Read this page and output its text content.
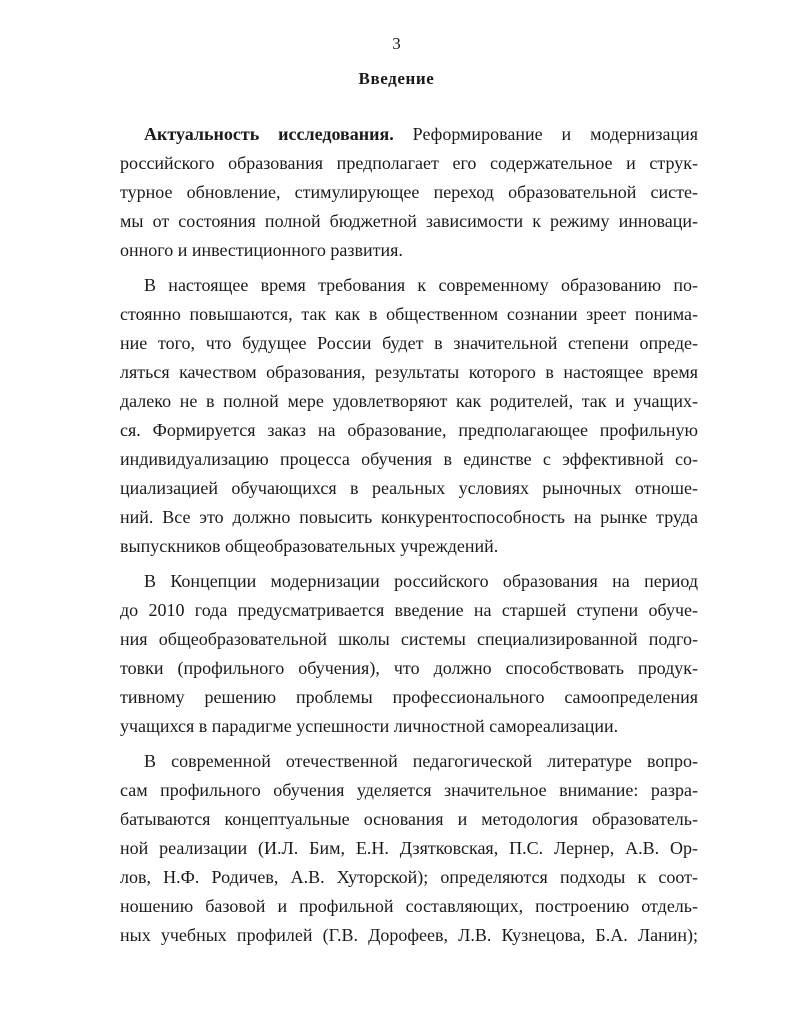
3
Введение
Актуальность исследования. Реформирование и модернизация
российского образования предполагает его содержательное и струк-
турное обновление, стимулирующее переход образовательной систе-
мы от состояния полной бюджетной зависимости к режиму инноваци-
онного и инвестиционного развития.
В настоящее время требования к современному образованию по-
стоянно повышаются, так как в общественном сознании зреет понима-
ние того, что будущее России будет в значительной степени опреде-
ляться качеством образования, результаты которого в настоящее время
далеко не в полной мере удовлетворяют как родителей, так и учащих-
ся. Формируется заказ на образование, предполагающее профильную
индивидуализацию процесса обучения в единстве с эффективной со-
циализацией обучающихся в реальных условиях рыночных отноше-
ний. Все это должно повысить конкурентоспособность на рынке труда
выпускников общеобразовательных учреждений.
В Концепции модернизации российского образования на период
до 2010 года предусматривается введение на старшей ступени обуче-
ния общеобразовательной школы системы специализированной подго-
товки (профильного обучения), что должно способствовать продук-
тивному решению проблемы профессионального самоопределения
учащихся в парадигме успешности личностной самореализации.
В современной отечественной педагогической литературе вопро-
сам профильного обучения уделяется значительное внимание: разра-
батываются концептуальные основания и методология образователь-
ной реализации (И.Л. Бим, Е.Н. Дзятковская, П.С. Лернер, А.В. Ор-
лов, Н.Ф. Родичев, А.В. Хуторской); определяются подходы к соот-
ношению базовой и профильной составляющих, построению отдель-
ных учебных профилей (Г.В. Дорофеев, Л.В. Кузнецова, Б.А. Ланин);
